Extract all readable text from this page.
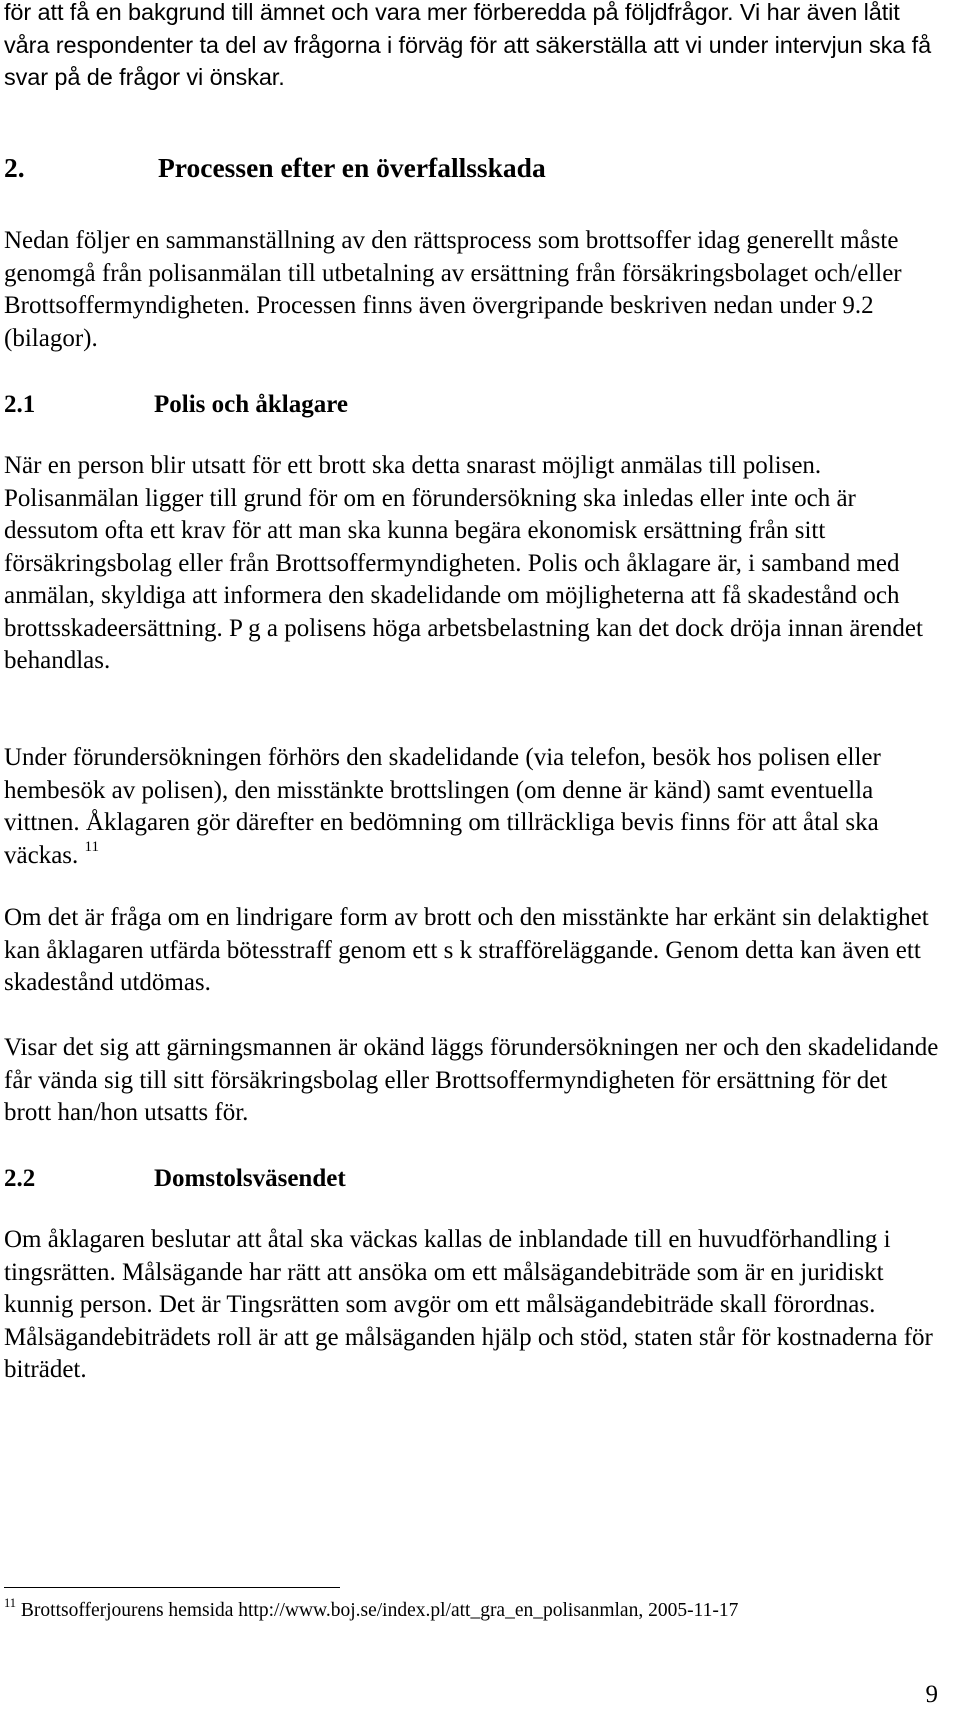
för att få en bakgrund till ämnet och vara mer förberedda på följdfrågor. Vi har även låtit våra respondenter ta del av frågorna i förväg för att säkerställa att vi under intervjun ska få svar på de frågor vi önskar.

2.	Processen efter en överfallsskada

Nedan följer en sammanställning av den rättsprocess som brottsoffer idag generellt måste genomgå från polisanmälan till utbetalning av ersättning från försäkringsbolaget och/eller Brottsoffermyndigheten. Processen finns även övergripande beskriven nedan under 9.2 (bilagor).

2.1	Polis och åklagare

När en person blir utsatt för ett brott ska detta snarast möjligt anmälas till polisen. Polisanmälan ligger till grund för om en förundersökning ska inledas eller inte och är dessutom ofta ett krav för att man ska kunna begära ekonomisk ersättning från sitt försäkringsbolag eller från Brottsoffermyndigheten. Polis och åklagare är, i samband med anmälan, skyldiga att informera den skadelidande om möjligheterna att få skadestånd och brottsskadeersättning. P g a polisens höga arbetsbelastning kan det dock dröja innan ärendet behandlas.

Under förundersökningen förhörs den skadelidande (via telefon, besök hos polisen eller hembesök av polisen), den misstänkte brottslingen (om denne är känd) samt eventuella vittnen. Åklagaren gör därefter en bedömning om tillräckliga bevis finns för att åtal ska väckas. $^{11}$

Om det är fråga om en lindrigare form av brott och den misstänkte har erkänt sin delaktighet kan åklagaren utfärda bötesstraff genom ett s k strafföreläggande. Genom detta kan även ett skadestånd utdömas.

Visar det sig att gärningsmannen är okänd läggs förundersökningen ner och den skadelidande får vända sig till sitt försäkringsbolag eller Brottsoffermyndigheten för ersättning för det brott han/hon utsatts för.

2.2	Domstolsväsendet

Om åklagaren beslutar att åtal ska väckas kallas de inblandade till en huvudförhandling i tingsrätten. Målsägande har rätt att ansöka om ett målsägandebiträde som är en juridiskt kunnig person. Det är Tingsrätten som avgör om ett målsägandebiträde skall förordnas. Målsägandebiträdets roll är att ge målsäganden hjälp och stöd, staten står för kostnaderna för biträdet.

$^{11}$ Brottsofferjourens hemsida http://www.boj.se/index.pl/att_gra_en_polisanmlan, 2005-11-17
9
